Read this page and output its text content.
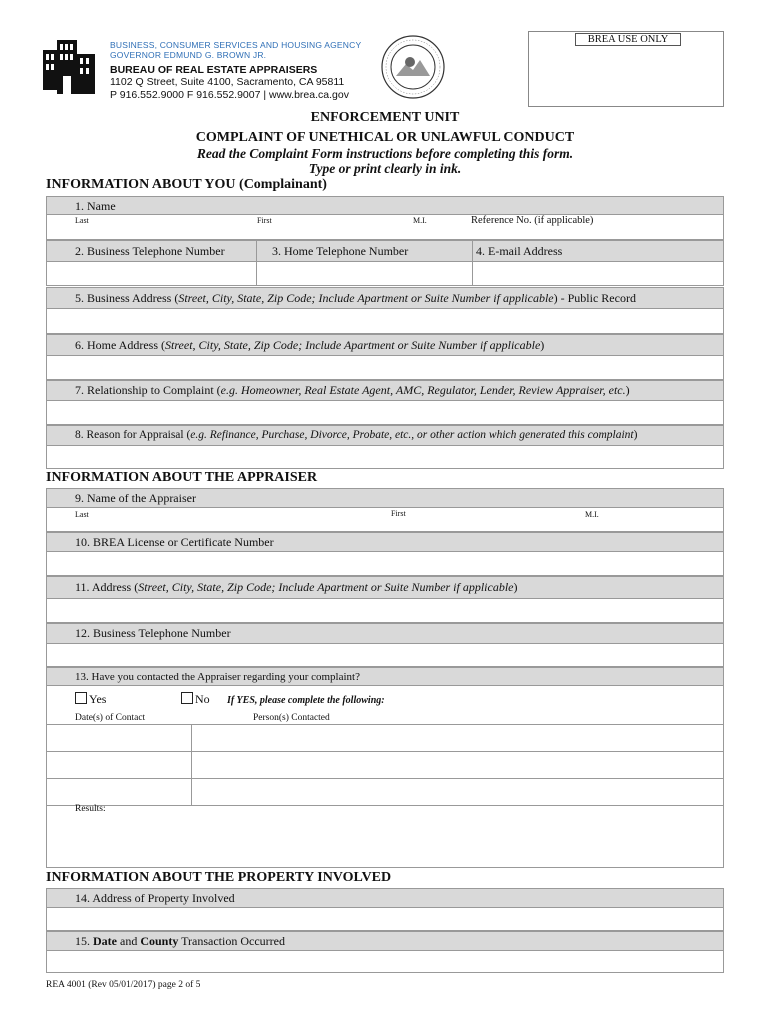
BUSINESS, CONSUMER SERVICES AND HOUSING AGENCY
GOVERNOR EDMUND G. BROWN JR.
BUREAU OF REAL ESTATE APPRAISERS
1102 Q Street, Suite 4100, Sacramento, CA 95811
P 916.552.9000 F 916.552.9007 | www.brea.ca.gov
BREA USE ONLY
ENFORCEMENT UNIT
COMPLAINT OF UNETHICAL OR UNLAWFUL CONDUCT
Read the Complaint Form instructions before completing this form.
Type or print clearly in ink.
INFORMATION ABOUT YOU (Complainant)
1. Name
Last	First	M.I.	Reference No. (if applicable)
2. Business Telephone Number	3. Home Telephone Number	4. E-mail Address
5. Business Address (Street, City, State, Zip Code; Include Apartment or Suite Number if applicable) - Public Record
6. Home Address (Street, City, State, Zip Code; Include Apartment or Suite Number if applicable)
7. Relationship to Complaint (e.g. Homeowner, Real Estate Agent, AMC, Regulator, Lender, Review Appraiser, etc.)
8. Reason for Appraisal (e.g. Refinance, Purchase, Divorce, Probate, etc., or other action which generated this complaint)
INFORMATION ABOUT THE APPRAISER
9. Name of the Appraiser
Last	First	M.I.
10. BREA License or Certificate Number
11. Address (Street, City, State, Zip Code; Include Apartment or Suite Number if applicable)
12. Business Telephone Number
13. Have you contacted the Appraiser regarding your complaint?
Yes	No If YES, please complete the following:
Date(s) of Contact	Person(s) Contacted
Results:
INFORMATION ABOUT THE PROPERTY INVOLVED
14. Address of Property Involved
15. Date and County Transaction Occurred
REA 4001 (Rev 05/01/2017) page 2 of 5
